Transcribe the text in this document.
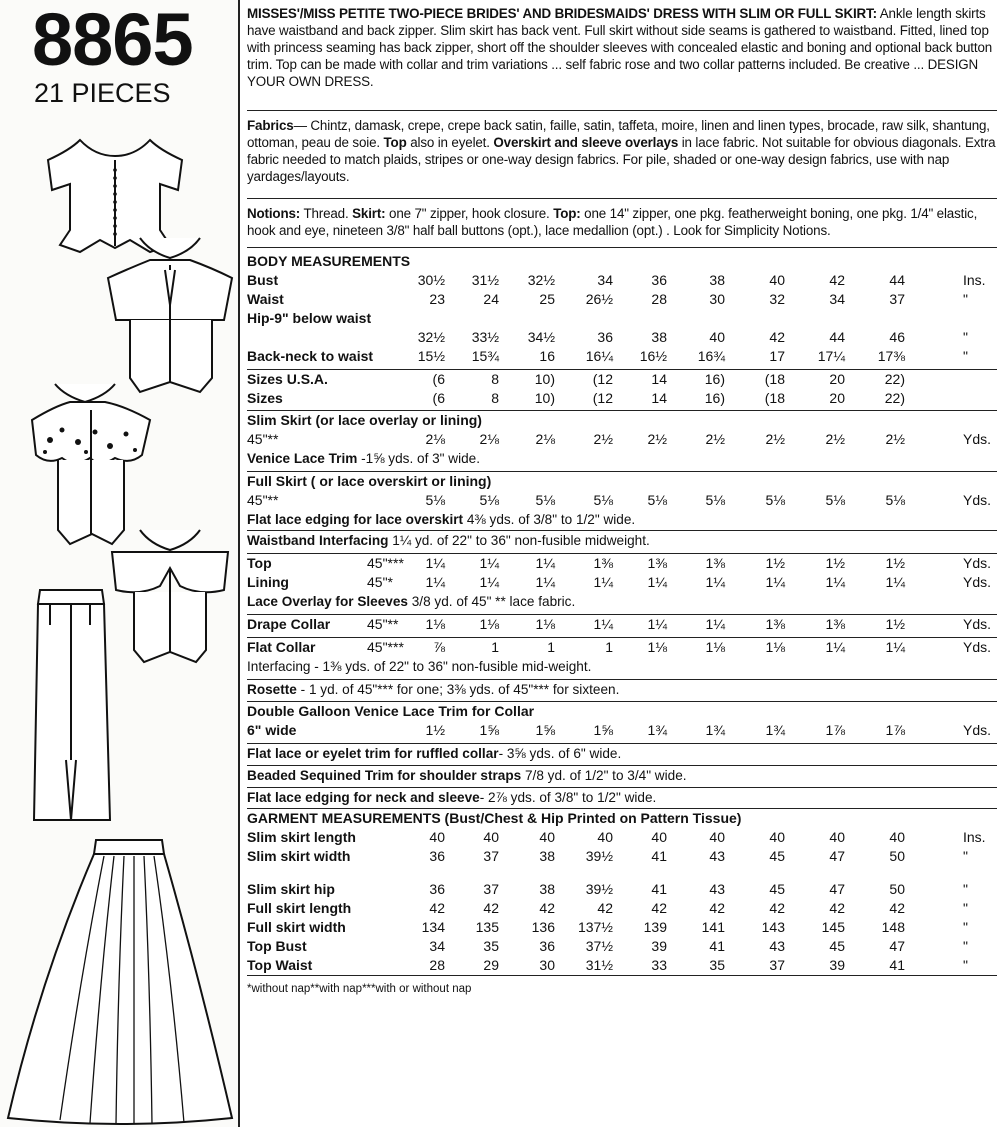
8865
21 PIECES
MISSES'/MISS PETITE TWO-PIECE BRIDES' AND BRIDESMAIDS' DRESS WITH SLIM OR FULL SKIRT: Ankle length skirts have waistband and back zipper. Slim skirt has back vent. Full skirt without side seams is gathered to waistband. Fitted, lined top with princess seaming has back zipper, short off the shoulder sleeves with concealed elastic and boning and optional back button trim. Top can be made with collar and trim variations ... self fabric rose and two collar patterns included. Be creative ... DESIGN YOUR OWN DRESS.
Fabrics— Chintz, damask, crepe, crepe back satin, faille, satin, taffeta, moire, linen and linen types, brocade, raw silk, shantung, ottoman, peau de soie. Top also in eyelet. Overskirt and sleeve overlays in lace fabric. Not suitable for obvious diagonals. Extra fabric needed to match plaids, stripes or one-way design fabrics. For pile, shaded or one-way design fabrics, use with nap yardages/layouts.
Notions: Thread. Skirt: one 7" zipper, hook closure. Top: one 14" zipper, one pkg. featherweight boning, one pkg. 1/4" elastic, hook and eye, nineteen 3/8" half ball buttons (opt.), lace medallion (opt.) . Look for Simplicity Notions.
BODY MEASUREMENTS
Bust	30½	31½	32½	34	36	38	40	42	44	Ins.
Waist	23	24	25	26½	28	30	32	34	37	"
Hip-9" below waist
32½	33½	34½	36	38	40	42	44	46	"
Back-neck to waist	15½	15¾	16	16¼	16½	16¾	17	17¼	17⅜	"
Sizes U.S.A.	(6	8	10)	(12	14	16)	(18	20	22)
Sizes	(6	8	10)	(12	14	16)	(18	20	22)
Slim Skirt (or lace overlay or lining)
45"**	2⅛	2⅛	2⅛	2½	2½	2½	2½	2½	2½	Yds.
Venice Lace Trim -1⅝ yds. of 3" wide.
Full Skirt ( or lace overskirt or lining)
45"**	5⅛	5⅛	5⅛	5⅛	5⅛	5⅛	5⅛	5⅛	5⅛	Yds.
Flat lace edging for lace overskirt 4⅜ yds. of 3/8" to 1/2" wide.
Waistband Interfacing 1¼ yd. of 22" to 36" non-fusible midweight.
Top	45"***	1¼	1¼	1¼	1⅜	1⅜	1⅜	1½	1½	1½	Yds.
Lining	45"*	1¼	1¼	1¼	1¼	1¼	1¼	1¼	1¼	1¼	Yds.
Lace Overlay for Sleeves 3/8 yd. of 45" ** lace fabric.
Drape Collar	45"**	1⅛	1⅛	1⅛	1¼	1¼	1¼	1⅜	1⅜	1½	Yds.
Flat Collar	45"***	⅞	1	1	1	1⅛	1⅛	1⅛	1¼	1¼	Yds.
Interfacing - 1⅜ yds. of 22" to 36" non-fusible mid-weight.
Rosette - 1 yd. of 45"*** for one; 3⅜ yds. of 45"*** for sixteen.
Double Galloon Venice Lace Trim for Collar
6" wide	1½	1⅝	1⅝	1⅝	1¾	1¾	1¾	1⅞	1⅞	Yds.
Flat lace or eyelet trim for ruffled collar- 3⅝ yds. of 6" wide.
Beaded Sequined Trim for shoulder straps 7/8 yd. of 1/2" to 3/4" wide.
Flat lace edging for neck and sleeve- 2⅞ yds. of 3/8" to 1/2" wide.
GARMENT MEASUREMENTS (Bust/Chest & Hip Printed on Pattern Tissue)
Slim skirt length	40	40	40	40	40	40	40	40	40	Ins.
Slim skirt width	36	37	38	39½	41	43	45	47	50	"
Slim skirt hip	36	37	38	39½	41	43	45	47	50	"
Full skirt length	42	42	42	42	42	42	42	42	42	"
Full skirt width	134	135	136	137½	139	141	143	145	148	"
Top Bust	34	35	36	37½	39	41	43	45	47	"
Top Waist	28	29	30	31½	33	35	37	39	41	"
*without nap**with nap***with or without nap
